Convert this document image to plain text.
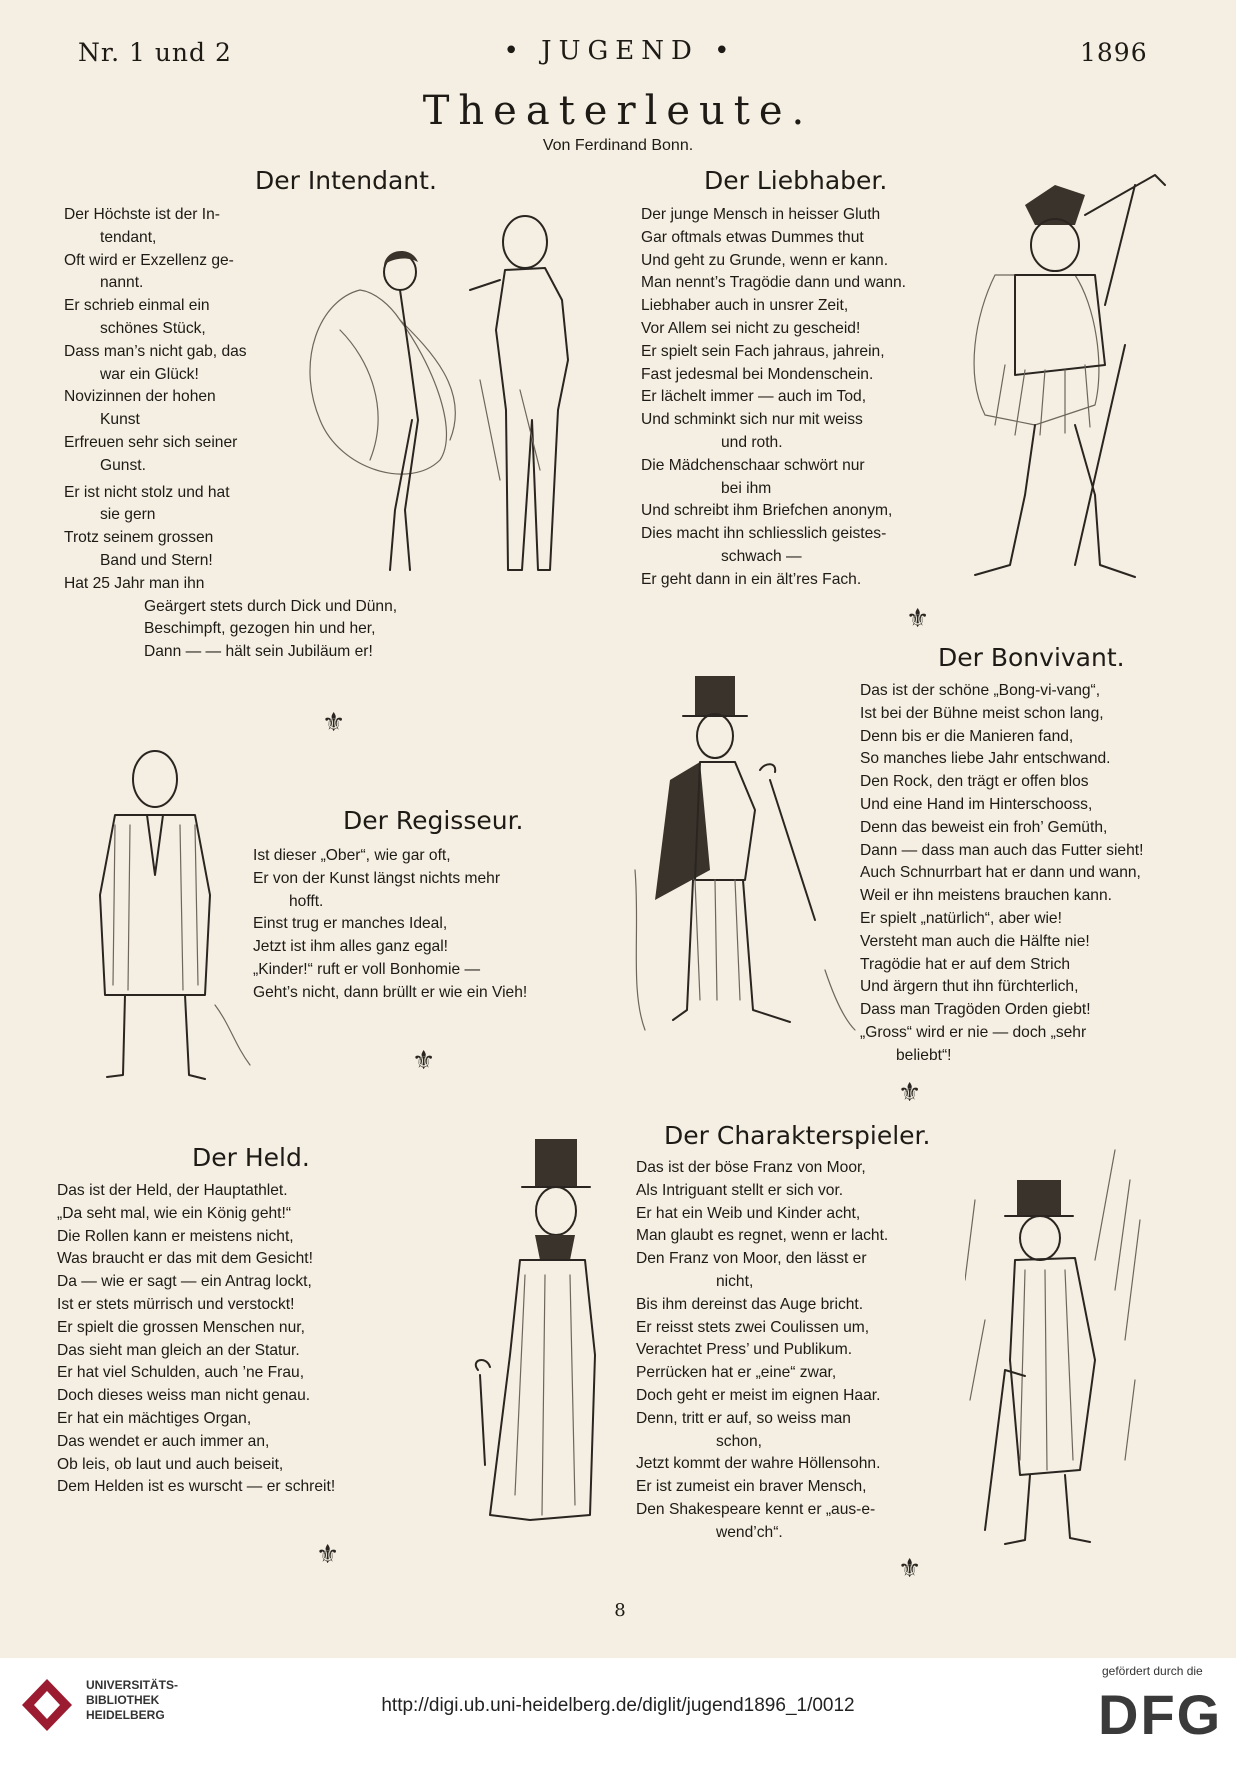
Nr. 1 und 2	• JUGEND •	1896
Theaterleute.
Von Ferdinand Bonn.
Der Intendant.
Der Höchste ist der In-
tendant,
Oft wird er Exzellenz ge-
nannt.
Er schrieb einmal ein
schönes Stück,
Dass man’s nicht gab, das
war ein Glück!
Novizinnen der hohen
Kunst
Erfreuen sehr sich seiner
Gunst.
Er ist nicht stolz und hat
sie gern
Trotz seinem grossen
Band und Stern!
Hat 25 Jahr man ihn
Geärgert stets durch Dick und Dünn,
Beschimpft, gezogen hin und her,
Dann — — hält sein Jubiläum er!
Der Liebhaber.
Der junge Mensch in heisser Gluth
Gar oftmals etwas Dummes thut
Und geht zu Grunde, wenn er kann.
Man nennt’s Tragödie dann und wann.
Liebhaber auch in unsrer Zeit,
Vor Allem sei nicht zu gescheid!
Er spielt sein Fach jahraus, jahrein,
Fast jedesmal bei Mondenschein.
Er lächelt immer — auch im Tod,
Und schminkt sich nur mit weiss
und roth.
Die Mädchenschaar schwört nur
bei ihm
Und schreibt ihm Briefchen anonym,
Dies macht ihn schliesslich geistes-
schwach —
Er geht dann in ein ält’res Fach.
Der Bonvivant.
Das ist der schöne „Bong-vi-vang“,
Ist bei der Bühne meist schon lang,
Denn bis er die Manieren fand,
So manches liebe Jahr entschwand.
Den Rock, den trägt er offen blos
Und eine Hand im Hinterschooss,
Denn das beweist ein froh’ Gemüth,
Dann — dass man auch das Futter sieht!
Auch Schnurrbart hat er dann und wann,
Weil er ihn meistens brauchen kann.
Er spielt „natürlich“, aber wie!
Versteht man auch die Hälfte nie!
Tragödie hat er auf dem Strich
Und ärgern thut ihn fürchterlich,
Dass man Tragöden Orden giebt!
„Gross“ wird er nie — doch „sehr
beliebt“!
Der Regisseur.
Ist dieser „Ober“, wie gar oft,
Er von der Kunst längst nichts mehr
hofft.
Einst trug er manches Ideal,
Jetzt ist ihm alles ganz egal!
„Kinder!“ ruft er voll Bonhomie —
Geht’s nicht, dann brüllt er wie ein Vieh!
Der Held.
Das ist der Held, der Hauptathlet.
„Da seht mal, wie ein König geht!“
Die Rollen kann er meistens nicht,
Was braucht er das mit dem Gesicht!
Da — wie er sagt — ein Antrag lockt,
Ist er stets mürrisch und verstockt!
Er spielt die grossen Menschen nur,
Das sieht man gleich an der Statur.
Er hat viel Schulden, auch ’ne Frau,
Doch dieses weiss man nicht genau.
Er hat ein mächtiges Organ,
Das wendet er auch immer an,
Ob leis, ob laut und auch beiseit,
Dem Helden ist es wurscht — er schreit!
Der Charakterspieler.
Das ist der böse Franz von Moor,
Als Intriguant stellt er sich vor.
Er hat ein Weib und Kinder acht,
Man glaubt es regnet, wenn er lacht.
Den Franz von Moor, den lässt er
nicht,
Bis ihm dereinst das Auge bricht.
Er reisst stets zwei Coulissen um,
Verachtet Press’ und Publikum.
Perrücken hat er „eine“ zwar,
Doch geht er meist im eignen Haar.
Denn, tritt er auf, so weiss man
schon,
Jetzt kommt der wahre Höllensohn.
Er ist zumeist ein braver Mensch,
Den Shakespeare kennt er „aus-e-
wend’ch“.
⚜
⚜
⚜
⚜
⚜	⚜
8
UNIVERSITÄTS-
BIBLIOTHEK
HEIDELBERG	http://digi.ub.uni-heidelberg.de/diglit/jugend1896_1/0012
gefördert durch die
DFG
